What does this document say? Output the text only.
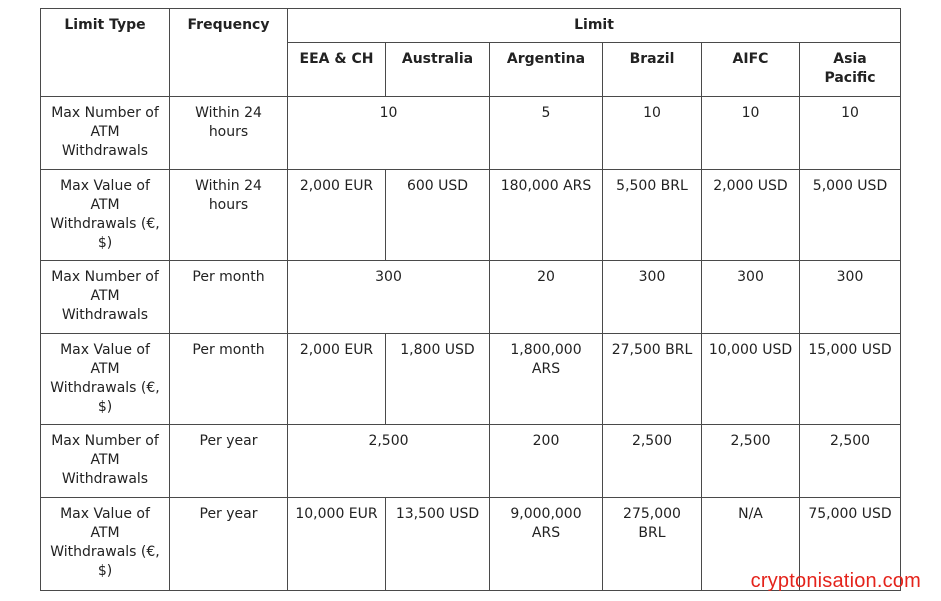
Limit Type	Frequency	Limit					
		EEA & CH	Australia	Argentina	Brazil	AIFC	Asia Pacific
Max Number of ATM Withdrawals	Within 24 hours	10		5	10	10	10
Max Value of ATM Withdrawals (€, $)	Within 24 hours	2,000 EUR	600 USD	180,000 ARS	5,500 BRL	2,000 USD	5,000 USD
Max Number of ATM Withdrawals	Per month	300		20	300	300	300
Max Value of ATM Withdrawals (€, $)	Per month	2,000 EUR	1,800 USD	1,800,000 ARS	27,500 BRL	10,000 USD	15,000 USD
Max Number of ATM Withdrawals	Per year	2,500		200	2,500	2,500	2,500
Max Value of ATM Withdrawals (€, $)	Per year	10,000 EUR	13,500 USD	9,000,000 ARS	275,000 BRL	N/A	75,000 USD
cryptonisation.com
